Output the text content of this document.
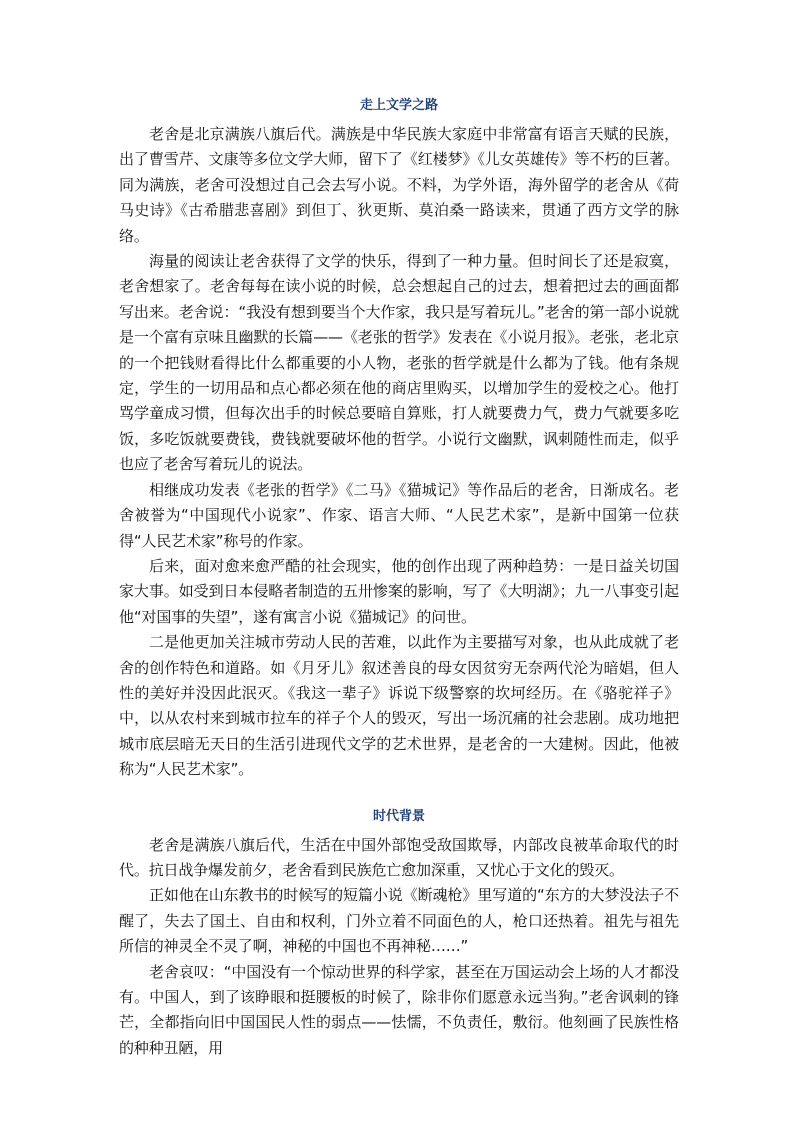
走上文学之路

老舍是北京满族八旗后代。满族是中华民族大家庭中非常富有语言天赋的民族，出了曹雪芹、文康等多位文学大师，留下了《红楼梦》《儿女英雄传》等不朽的巨著。同为满族，老舍可没想过自己会去写小说。不料，为学外语，海外留学的老舍从《荷马史诗》《古希腊悲喜剧》到但丁、狄更斯、莫泊桑一路读来，贯通了西方文学的脉络。

海量的阅读让老舍获得了文学的快乐，得到了一种力量。但时间长了还是寂寞，老舍想家了。老舍每每在读小说的时候，总会想起自己的过去，想着把过去的画面都写出来。老舍说：“我没有想到要当个大作家，我只是写着玩儿。”老舍的第一部小说就是一个富有京味且幽默的长篇——《老张的哲学》发表在《小说月报》。老张，老北京的一个把钱财看得比什么都重要的小人物，老张的哲学就是什么都为了钱。他有条规定，学生的一切用品和点心都必须在他的商店里购买，以增加学生的爱校之心。他打骂学童成习惯，但每次出手的时候总要暗自算账，打人就要费力气，费力气就要多吃饭，多吃饭就要费钱，费钱就要破坏他的哲学。小说行文幽默，讽刺随性而走，似乎也应了老舍写着玩儿的说法。

相继成功发表《老张的哲学》《二马》《猫城记》等作品后的老舍，日渐成名。老舍被誉为“中国现代小说家”、作家、语言大师、“人民艺术家”，是新中国第一位获得“人民艺术家”称号的作家。

后来，面对愈来愈严酷的社会现实，他的创作出现了两种趋势：一是日益关切国家大事。如受到日本侵略者制造的五卅惨案的影响，写了《大明湖》；九一八事变引起他“对国事的失望”，遂有寓言小说《猫城记》的问世。

二是他更加关注城市劳动人民的苦难，以此作为主要描写对象，也从此成就了老舍的创作特色和道路。如《月牙儿》叙述善良的母女因贫穷无奈两代沦为暗娼，但人性的美好并没因此泯灭。《我这一辈子》诉说下级警察的坎坷经历。在《骆驼祥子》中，以从农村来到城市拉车的祥子个人的毁灭，写出一场沉痛的社会悲剧。成功地把城市底层暗无天日的生活引进现代文学的艺术世界，是老舍的一大建树。因此，他被称为“人民艺术家”。

时代背景

老舍是满族八旗后代，生活在中国外部饱受敌国欺辱，内部改良被革命取代的时代。抗日战争爆发前夕，老舍看到民族危亡愈加深重，又忧心于文化的毁灭。

正如他在山东教书的时候写的短篇小说《断魂枪》里写道的“东方的大梦没法子不醒了，失去了国土、自由和权利，门外立着不同面色的人，枪口还热着。祖先与祖先所信的神灵全不灵了啊，神秘的中国也不再神秘……”

老舍哀叹：“中国没有一个惊动世界的科学家，甚至在万国运动会上场的人才都没有。中国人，到了该睁眼和挺腰板的时候了，除非你们愿意永远当狗。”老舍讽刺的锋芒，全都指向旧中国国民人性的弱点——怯懦，不负责任，敷衍。他刻画了民族性格的种种丑陋，用
